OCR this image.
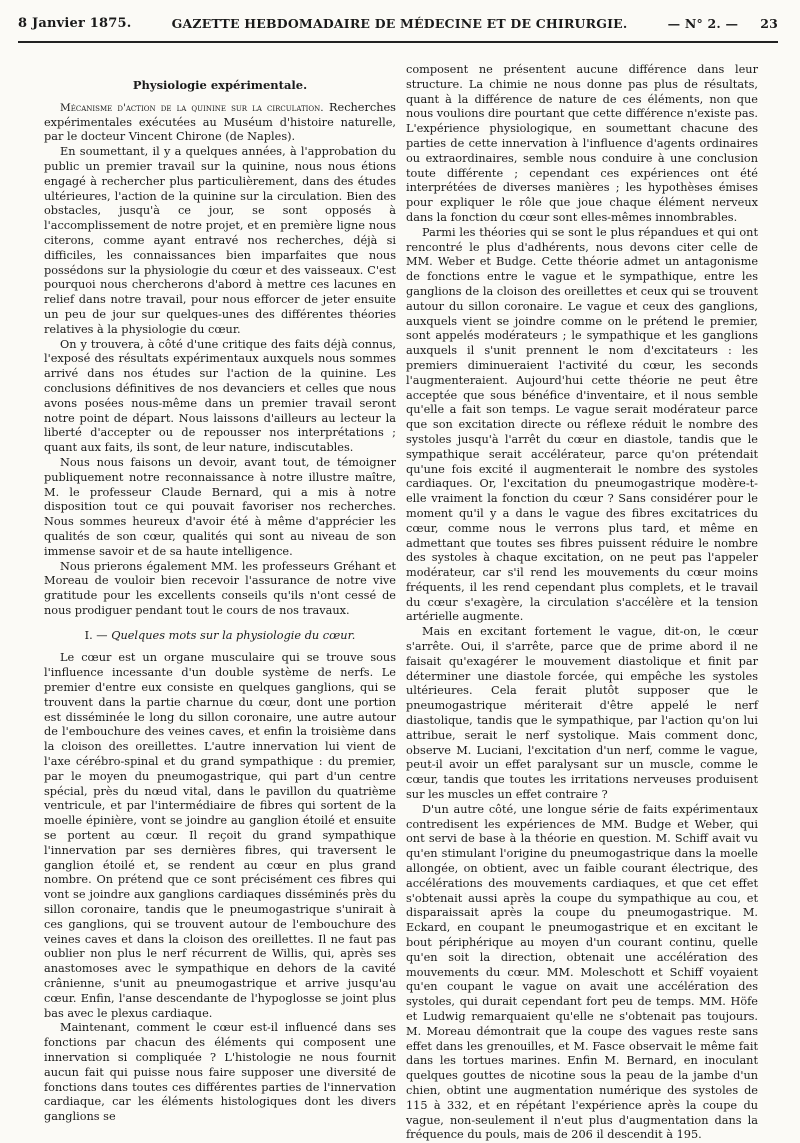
8 Janvier 1875.	GAZETTE HEBDOMADAIRE DE MÉDECINE ET DE CHIRURGIE.	— N° 2. — 23
Physiologie expérimentale.

Mécanisme d'action de la quinine sur la circulation. Recherches expérimentales exécutées au Muséum d'histoire naturelle, par le docteur Vincent Chirone (de Naples).

En soumettant, il y a quelques années, à l'approbation du public un premier travail sur la quinine, nous nous étions engagé à rechercher plus particulièrement, dans des études ultérieures, l'action de la quinine sur la circulation. Bien des obstacles, jusqu'à ce jour, se sont opposés à l'accomplissement de notre projet, et en première ligne nous citerons, comme ayant entravé nos recherches, déjà si difficiles, les connaissances bien imparfaites que nous possédons sur la physiologie du cœur et des vaisseaux. C'est pourquoi nous chercherons d'abord à mettre ces lacunes en relief dans notre travail, pour nous efforcer de jeter ensuite un peu de jour sur quelques-unes des différentes théories relatives à la physiologie du cœur.

On y trouvera, à côté d'une critique des faits déjà connus, l'exposé des résultats expérimentaux auxquels nous sommes arrivé dans nos études sur l'action de la quinine. Les conclusions définitives de nos devanciers et celles que nous avons posées nous-même dans un premier travail seront notre point de départ. Nous laissons d'ailleurs au lecteur la liberté d'accepter ou de repousser nos interprétations ; quant aux faits, ils sont, de leur nature, indiscutables.

Nous nous faisons un devoir, avant tout, de témoigner publiquement notre reconnaissance à notre illustre maître, M. le professeur Claude Bernard, qui a mis à notre disposition tout ce qui pouvait favoriser nos recherches. Nous sommes heureux d'avoir été à même d'apprécier les qualités de son cœur, qualités qui sont au niveau de son immense savoir et de sa haute intelligence.

Nous prierons également MM. les professeurs Gréhant et Moreau de vouloir bien recevoir l'assurance de notre vive gratitude pour les excellents conseils qu'ils n'ont cessé de nous prodiguer pendant tout le cours de nos travaux.

I. — Quelques mots sur la physiologie du cœur.

Le cœur est un organe musculaire qui se trouve sous l'influence incessante d'un double système de nerfs. Le premier d'entre eux consiste en quelques ganglions, qui se trouvent dans la partie charnue du cœur, dont une portion est disséminée le long du sillon coronaire, une autre autour de l'embouchure des veines caves, et enfin la troisième dans la cloison des oreillettes. L'autre innervation lui vient de l'axe cérébro-spinal et du grand sympathique : du premier, par le moyen du pneumogastrique, qui part d'un centre spécial, près du nœud vital, dans le pavillon du quatrième ventricule, et par l'intermédiaire de fibres qui sortent de la moelle épinière, vont se joindre au ganglion étoilé et ensuite se portent au cœur. Il reçoit du grand sympathique l'innervation par ses dernières fibres, qui traversent le ganglion étoilé et, se rendent au cœur en plus grand nombre. On prétend que ce sont précisément ces fibres qui vont se joindre aux ganglions cardiaques disséminés près du sillon coronaire, tandis que le pneumogastrique s'unirait à ces ganglions, qui se trouvent autour de l'embouchure des veines caves et dans la cloison des oreillettes. Il ne faut pas oublier non plus le nerf récurrent de Willis, qui, après ses anastomoses avec le sympathique en dehors de la cavité crânienne, s'unit au pneumogastrique et arrive jusqu'au cœur. Enfin, l'anse descendante de l'hypoglosse se joint plus bas avec le plexus cardiaque.

Maintenant, comment le cœur est-il influencé dans ses fonctions par chacun des éléments qui composent une innervation si compliquée ? L'histologie ne nous fournit aucun fait qui puisse nous faire supposer une diversité de fonctions dans toutes ces différentes parties de l'innervation cardiaque, car les éléments histologiques dont les divers ganglions se

composent ne présentent aucune différence dans leur structure. La chimie ne nous donne pas plus de résultats, quant à la différence de nature de ces éléments, non que nous voulions dire pourtant que cette différence n'existe pas. L'expérience physiologique, en soumettant chacune des parties de cette innervation à l'influence d'agents ordinaires ou extraordinaires, semble nous conduire à une conclusion toute différente ; cependant ces expériences ont été interprétées de diverses manières ; les hypothèses émises pour expliquer le rôle que joue chaque élément nerveux dans la fonction du cœur sont elles-mêmes innombrables.

Parmi les théories qui se sont le plus répandues et qui ont rencontré le plus d'adhérents, nous devons citer celle de MM. Weber et Budge. Cette théorie admet un antagonisme de fonctions entre le vague et le sympathique, entre les ganglions de la cloison des oreillettes et ceux qui se trouvent autour du sillon coronaire. Le vague et ceux des ganglions, auxquels vient se joindre comme on le prétend le premier, sont appelés modérateurs ; le sympathique et les ganglions auxquels il s'unit prennent le nom d'excitateurs : les premiers diminueraient l'activité du cœur, les seconds l'augmenteraient. Aujourd'hui cette théorie ne peut être acceptée que sous bénéfice d'inventaire, et il nous semble qu'elle a fait son temps. Le vague serait modérateur parce que son excitation directe ou réflexe réduit le nombre des systoles jusqu'à l'arrêt du cœur en diastole, tandis que le sympathique serait accélérateur, parce qu'on prétendait qu'une fois excité il augmenterait le nombre des systoles cardiaques. Or, l'excitation du pneumogastrique modère-t-elle vraiment la fonction du cœur ? Sans considérer pour le moment qu'il y a dans le vague des fibres excitatrices du cœur, comme nous le verrons plus tard, et même en admettant que toutes ses fibres puissent réduire le nombre des systoles à chaque excitation, on ne peut pas l'appeler modérateur, car s'il rend les mouvements du cœur moins fréquents, il les rend cependant plus complets, et le travail du cœur s'exagère, la circulation s'accélère et la tension artérielle augmente.

Mais en excitant fortement le vague, dit-on, le cœur s'arrête. Oui, il s'arrête, parce que de prime abord il ne faisait qu'exagérer le mouvement diastolique et finit par déterminer une diastole forcée, qui empêche les systoles ultérieures. Cela ferait plutôt supposer que le pneumogastrique mériterait d'être appelé le nerf diastolique, tandis que le sympathique, par l'action qu'on lui attribue, serait le nerf systolique. Mais comment donc, observe M. Luciani, l'excitation d'un nerf, comme le vague, peut-il avoir un effet paralysant sur un muscle, comme le cœur, tandis que toutes les irritations nerveuses produisent sur les muscles un effet contraire ?

D'un autre côté, une longue série de faits expérimentaux contredisent les expériences de MM. Budge et Weber, qui ont servi de base à la théorie en question. M. Schiff avait vu qu'en stimulant l'origine du pneumogastrique dans la moelle allongée, on obtient, avec un faible courant électrique, des accélérations des mouvements cardiaques, et que cet effet s'obtenait aussi après la coupe du sympathique au cou, et disparaissait après la coupe du pneumogastrique. M. Eckard, en coupant le pneumogastrique et en excitant le bout périphérique au moyen d'un courant continu, quelle qu'en soit la direction, obtenait une accélération des mouvements du cœur. MM. Moleschott et Schiff voyaient qu'en coupant le vague on avait une accélération des systoles, qui durait cependant fort peu de temps. MM. Höfe et Ludwig remarquaient qu'elle ne s'obtenait pas toujours. M. Moreau démontrait que la coupe des vagues reste sans effet dans les grenouilles, et M. Fasce observait le même fait dans les tortues marines. Enfin M. Bernard, en inoculant quelques gouttes de nicotine sous la peau de la jambe d'un chien, obtint une augmentation numérique des systoles de 115 à 332, et en répétant l'expérience après la coupe du vague, non-seulement il n'eut plus d'augmentation dans la fréquence du pouls, mais de 206 il descendit à 195.
